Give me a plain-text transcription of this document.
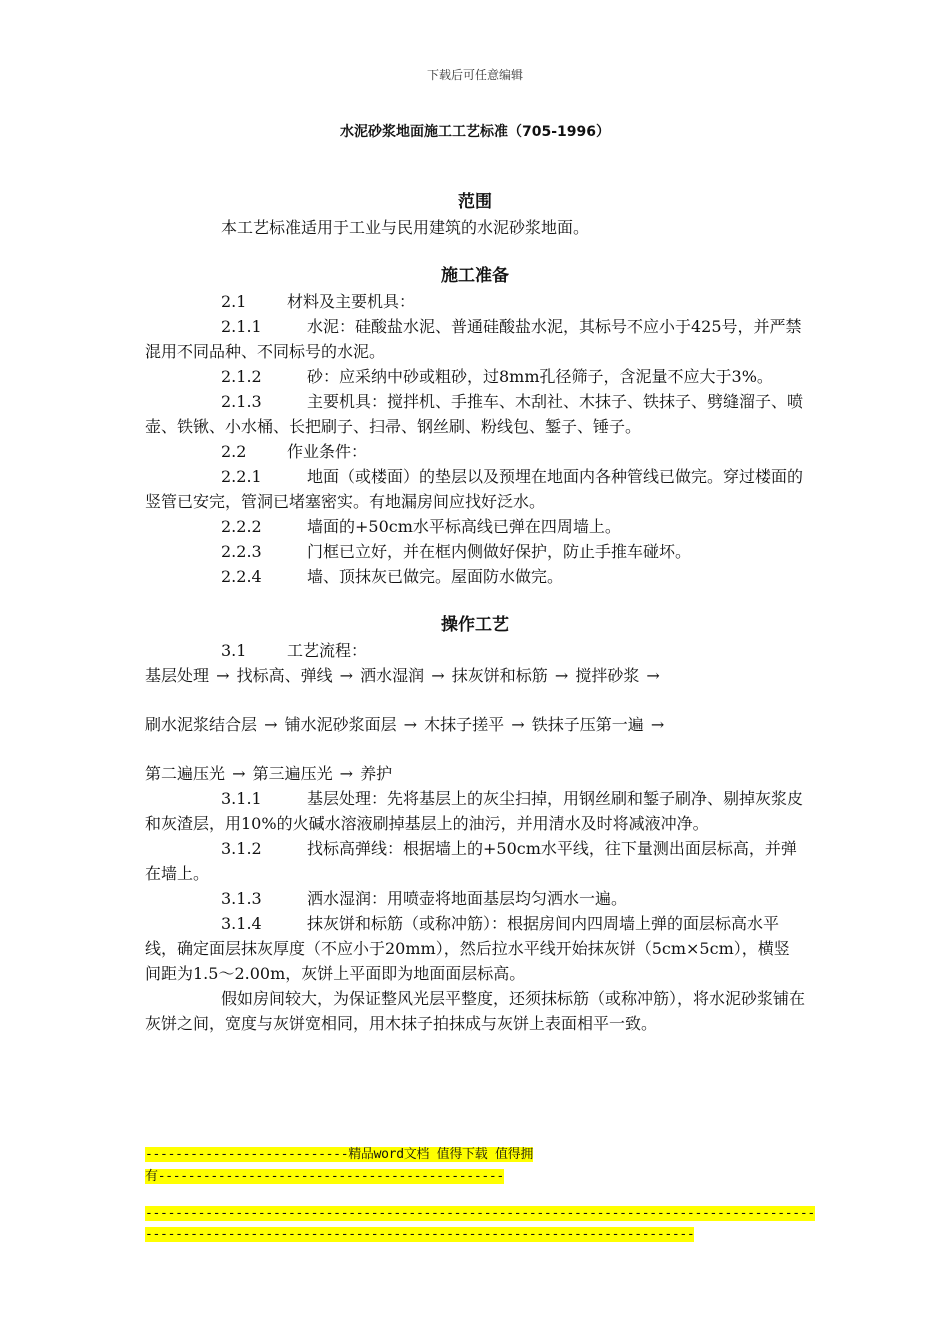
下载后可任意编辑
水泥砂浆地面施工工艺标准（705-1996）
范围

本工艺标准适用于工业与民用建筑的水泥砂浆地面。

施工准备

2.1	材料及主要机具：

2.1.1	水泥：硅酸盐水泥、普通硅酸盐水泥，其标号不应小于425号，并严禁混用不同品种、不同标号的水泥。

2.1.2	砂：应采纳中砂或粗砂，过8mm孔径筛子，含泥量不应大于3%。

2.1.3	主要机具：搅拌机、手推车、木刮社、木抹子、铁抹子、劈缝溜子、喷壶、铁锹、小水桶、长把刷子、扫帚、钢丝刷、粉线包、錾子、锤子。

2.2	作业条件：

2.2.1	地面（或楼面）的垫层以及预埋在地面内各种管线已做完。穿过楼面的竖管已安完，管洞已堵塞密实。有地漏房间应找好泛水。

2.2.2	墙面的+50cm水平标高线已弹在四周墙上。

2.2.3	门框已立好，并在框内侧做好保护，防止手推车碰坏。

2.2.4	墙、顶抹灰已做完。屋面防水做完。

操作工艺

3.1	工艺流程：

基层处理 → 找标高、弹线 → 洒水湿润 → 抹灰饼和标筋 → 搅拌砂浆 →

刷水泥浆结合层 → 铺水泥砂浆面层 → 木抹子搓平 → 铁抹子压第一遍 →

第二遍压光 → 第三遍压光 → 养护

3.1.1	基层处理：先将基层上的灰尘扫掉，用钢丝刷和錾子刷净、剔掉灰浆皮和灰渣层，用10%的火碱水溶液刷掉基层上的油污，并用清水及时将减液冲净。

3.1.2	找标高弹线：根据墙上的+50cm水平线，往下量测出面层标高，并弹在墙上。

3.1.3	洒水湿润：用喷壶将地面基层均匀洒水一遍。

3.1.4	抹灰饼和标筋（或称冲筋）：根据房间内四周墙上弹的面层标高水平线，确定面层抹灰厚度（不应小于20mm），然后拉水平线开始抹灰饼（5cm×5cm），横竖间距为1.5～2.00m，灰饼上平面即为地面面层标高。

假如房间较大，为保证整风光层平整度，还须抹标筋（或称冲筋），将水泥砂浆铺在灰饼之间，宽度与灰饼宽相同，用木抹子拍抹成与灰饼上表面相平一致。

---------------------------精品word文档 值得下载 值得拥
有----------------------------------------------
-----------------------------------------------------------------------------------------
-------------------------------------------------------------------------
